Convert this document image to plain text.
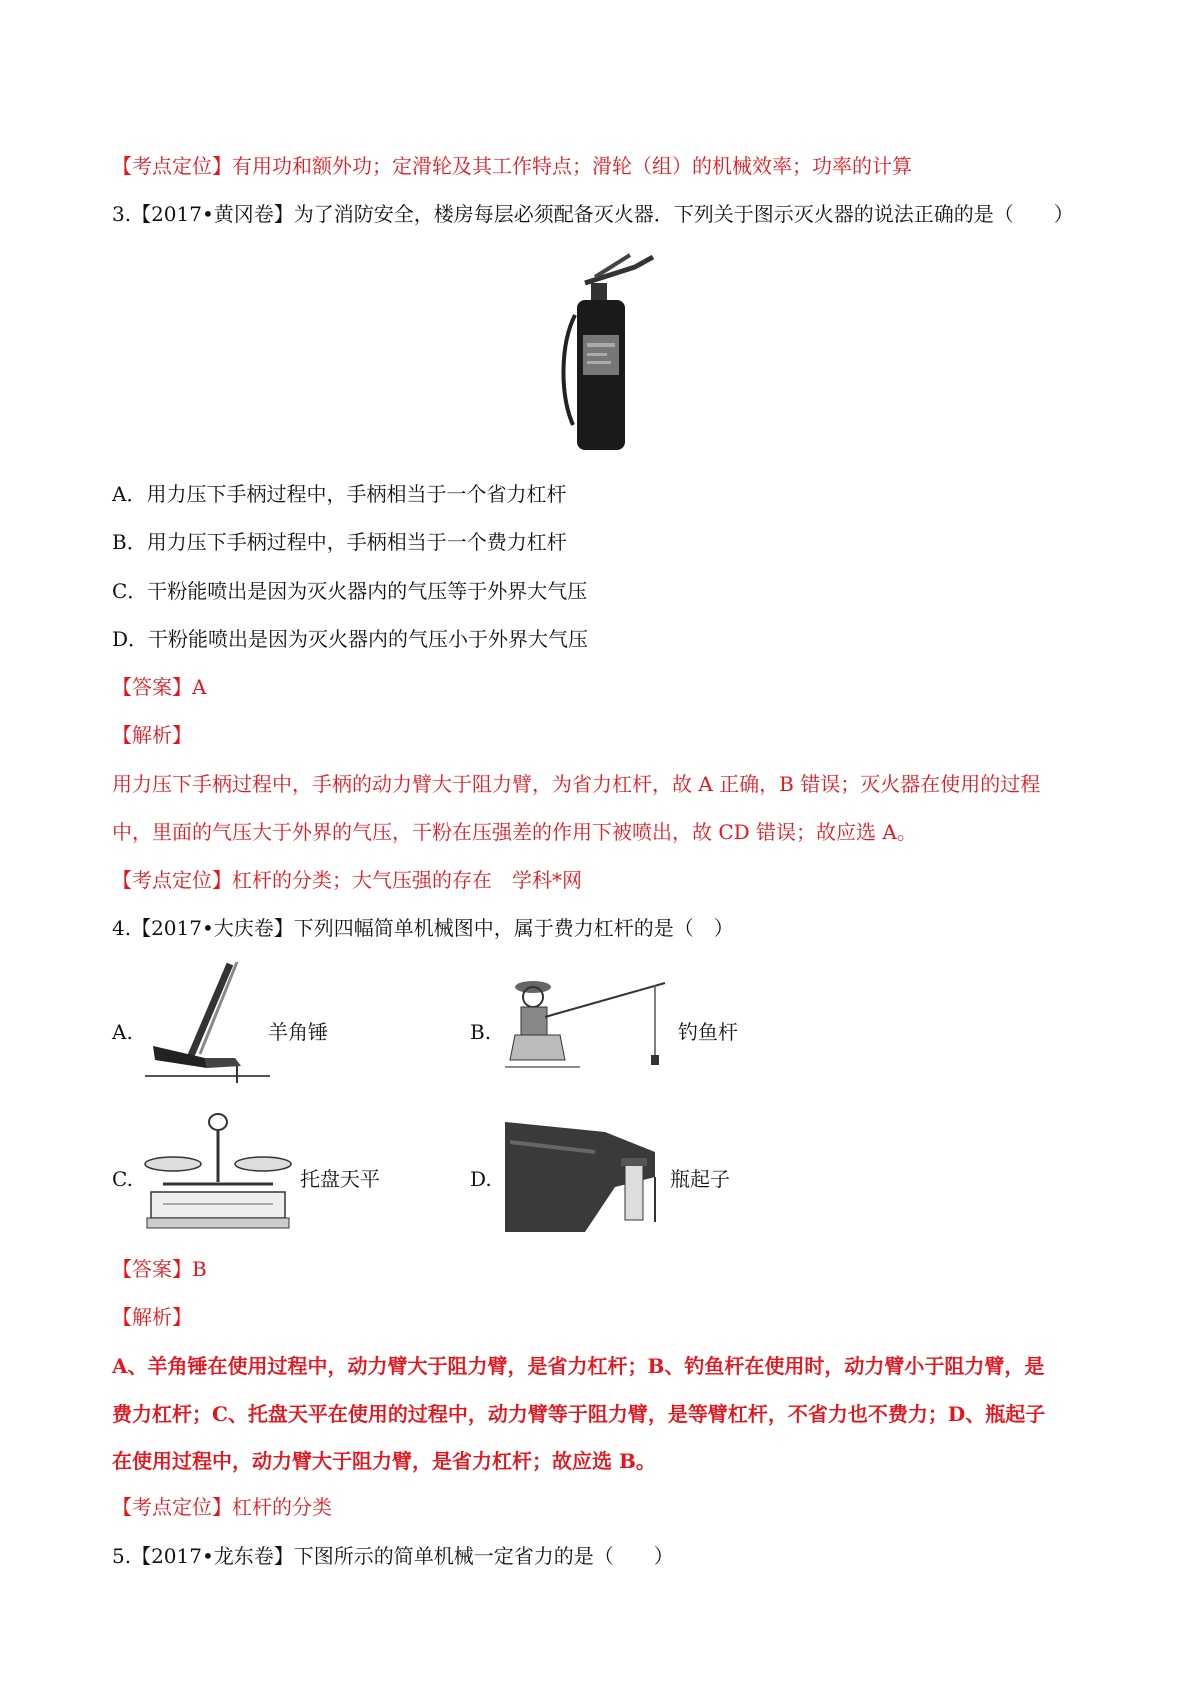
【考点定位】有用功和额外功；定滑轮及其工作特点；滑轮（组）的机械效率；功率的计算
3.【2017•黄冈卷】为了消防安全，楼房每层必须配备灭火器．下列关于图示灭火器的说法正确的是（　　）
A．用力压下手柄过程中，手柄相当于一个省力杠杆
B．用力压下手柄过程中，手柄相当于一个费力杠杆
C．干粉能喷出是因为灭火器内的气压等于外界大气压
D．干粉能喷出是因为灭火器内的气压小于外界大气压
【答案】A
【解析】
用力压下手柄过程中，手柄的动力臂大于阻力臂，为省力杠杆，故 A 正确，B 错误；灭火器在使用的过程
中，里面的气压大于外界的气压，干粉在压强差的作用下被喷出，故 CD 错误；故应选 A。
【考点定位】杠杆的分类；大气压强的存在　学科*网
4.【2017•大庆卷】下列四幅简单机械图中，属于费力杠杆的是（　）
A.	羊角锤	B.	钓鱼杆
C.	托盘天平	D.	瓶起子
【答案】B
【解析】
A、羊角锤在使用过程中，动力臂大于阻力臂，是省力杠杆；B、钓鱼杆在使用时，动力臂小于阻力臂，是
费力杠杆；C、托盘天平在使用的过程中，动力臂等于阻力臂，是等臂杠杆，不省力也不费力；D、瓶起子
在使用过程中，动力臂大于阻力臂，是省力杠杆；故应选 B。
【考点定位】杠杆的分类
5.【2017•龙东卷】下图所示的简单机械一定省力的是（　　）
